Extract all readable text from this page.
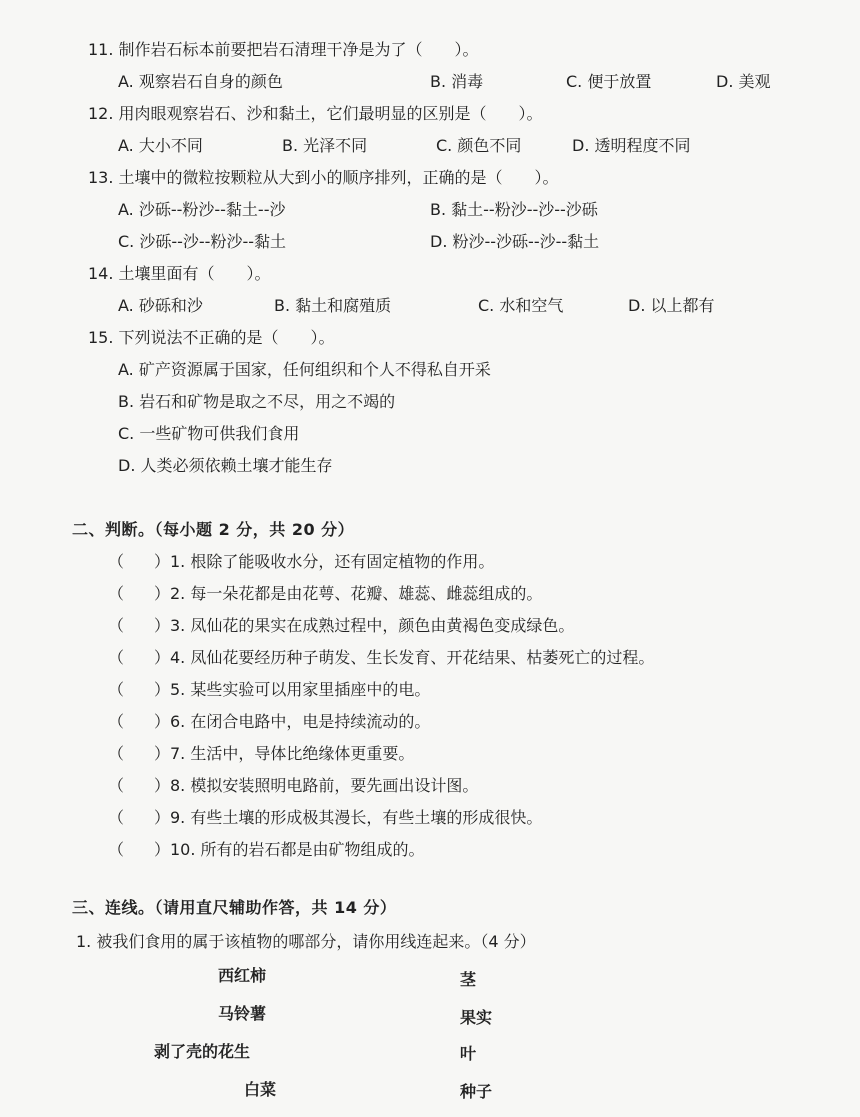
11. 制作岩石标本前要把岩石清理干净是为了（　　）。
A. 观察岩石自身的颜色	B. 消毒	C. 便于放置	D. 美观
12. 用肉眼观察岩石、沙和黏土，它们最明显的区别是（　　）。
A. 大小不同	B. 光泽不同	C. 颜色不同	D. 透明程度不同
13. 土壤中的微粒按颗粒从大到小的顺序排列，正确的是（　　）。
A. 沙砾--粉沙--黏土--沙	B. 黏土--粉沙--沙--沙砾
C. 沙砾--沙--粉沙--黏土	D. 粉沙--沙砾--沙--黏土
14. 土壤里面有（　　）。
A. 砂砾和沙	B. 黏土和腐殖质	C. 水和空气	D. 以上都有
15. 下列说法不正确的是（　　）。
A. 矿产资源属于国家，任何组织和个人不得私自开采
B. 岩石和矿物是取之不尽，用之不竭的
C. 一些矿物可供我们食用
D. 人类必须依赖土壤才能生存
二、判断。（每小题 2 分，共 20 分）
（ ）1. 根除了能吸收水分，还有固定植物的作用。
（ ）2. 每一朵花都是由花萼、花瓣、雄蕊、雌蕊组成的。
（ ）3. 凤仙花的果实在成熟过程中，颜色由黄褐色变成绿色。
（ ）4. 凤仙花要经历种子萌发、生长发育、开花结果、枯萎死亡的过程。
（ ）5. 某些实验可以用家里插座中的电。
（ ）6. 在闭合电路中，电是持续流动的。
（ ）7. 生活中，导体比绝缘体更重要。
（ ）8. 模拟安装照明电路前，要先画出设计图。
（ ）9. 有些土壤的形成极其漫长，有些土壤的形成很快。
（ ）10. 所有的岩石都是由矿物组成的。
三、连线。（请用直尺辅助作答，共 14 分）
1. 被我们食用的属于该植物的哪部分，请你用线连起来。（4 分）
西红柿
马铃薯
剥了壳的花生
白菜
茎
果实
叶
种子
